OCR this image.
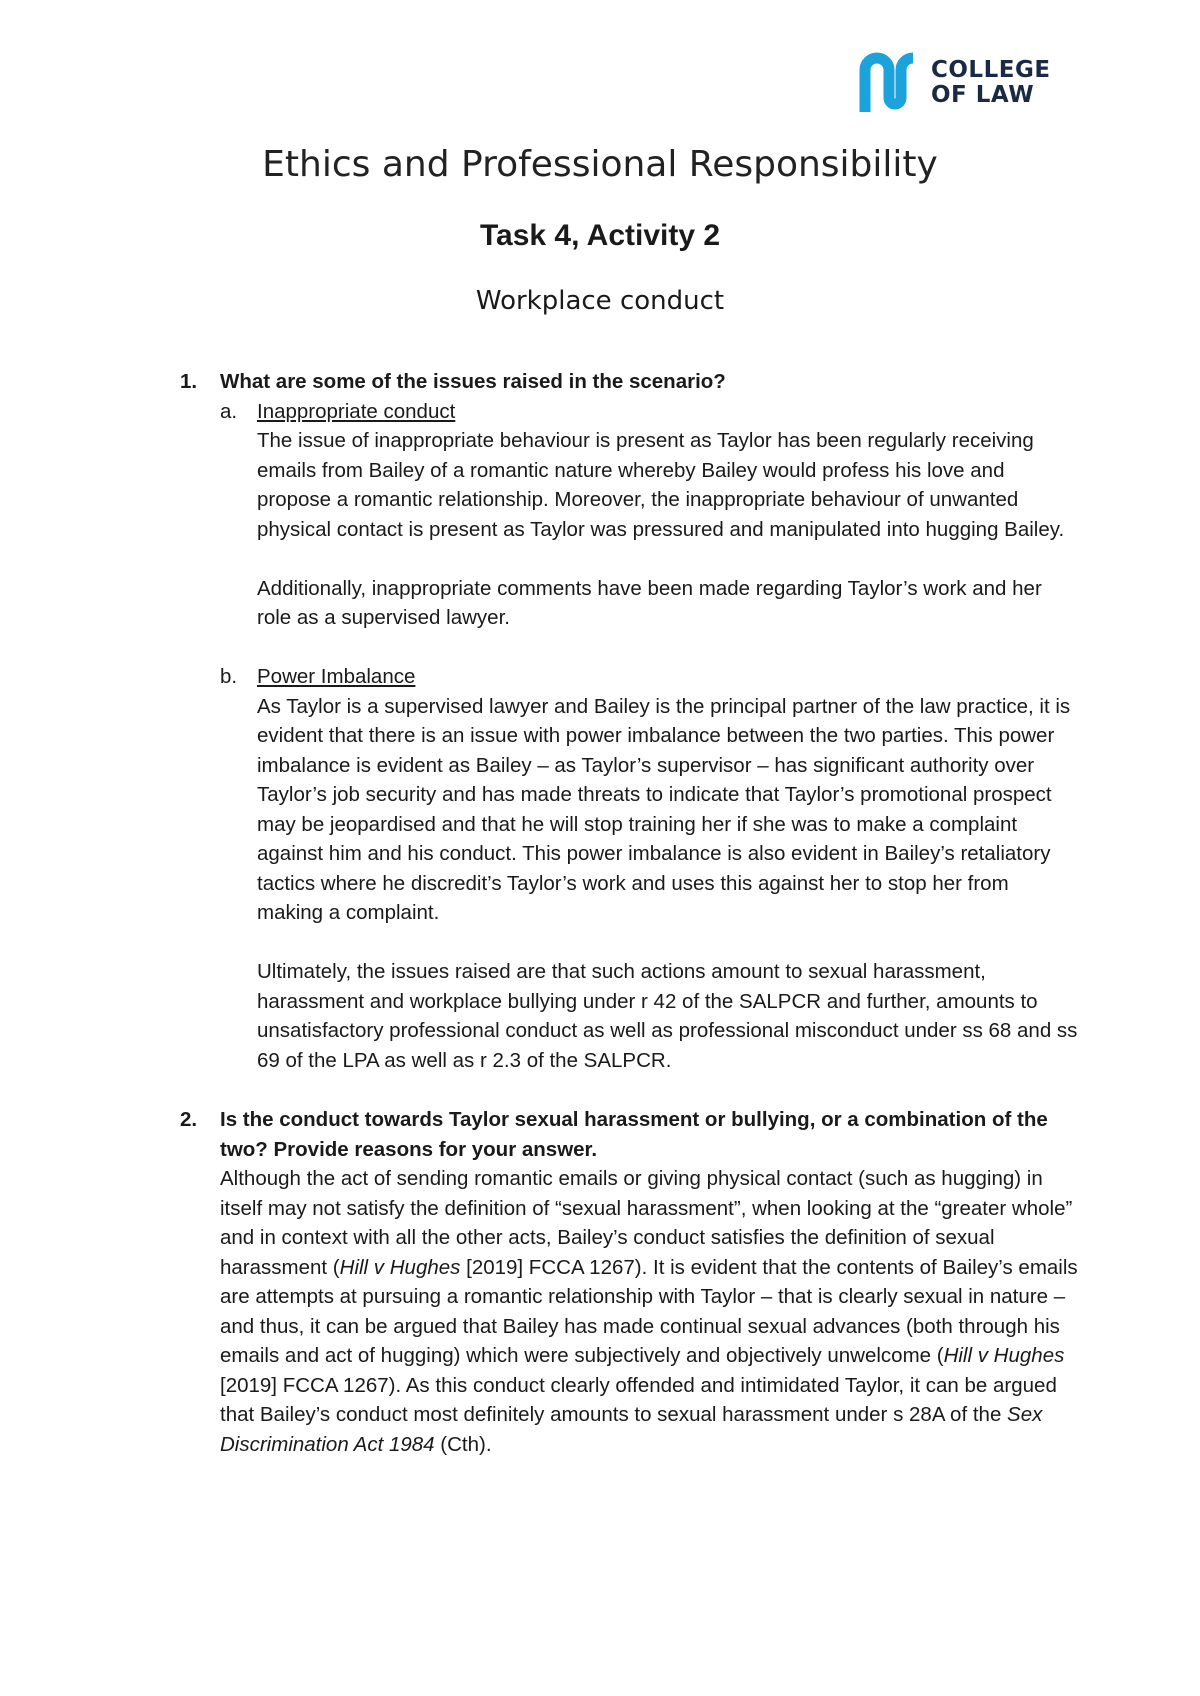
COLLEGE
OF LAW
Ethics and Professional Responsibility
Task 4, Activity 2
Workplace conduct
1. What are some of the issues raised in the scenario?

a. Inappropriate conduct

The issue of inappropriate behaviour is present as Taylor has been regularly receiving emails from Bailey of a romantic nature whereby Bailey would profess his love and propose a romantic relationship. Moreover, the inappropriate behaviour of unwanted physical contact is present as Taylor was pressured and manipulated into hugging Bailey.

Additionally, inappropriate comments have been made regarding Taylor’s work and her role as a supervised lawyer.

b. Power Imbalance

As Taylor is a supervised lawyer and Bailey is the principal partner of the law practice, it is evident that there is an issue with power imbalance between the two parties. This power imbalance is evident as Bailey – as Taylor’s supervisor – has significant authority over Taylor’s job security and has made threats to indicate that Taylor’s promotional prospect may be jeopardised and that he will stop training her if she was to make a complaint against him and his conduct. This power imbalance is also evident in Bailey’s retaliatory tactics where he discredit’s Taylor’s work and uses this against her to stop her from making a complaint.

Ultimately, the issues raised are that such actions amount to sexual harassment, harassment and workplace bullying under r 42 of the SALPCR and further, amounts to unsatisfactory professional conduct as well as professional misconduct under ss 68 and ss 69 of the LPA as well as r 2.3 of the SALPCR.

2. Is the conduct towards Taylor sexual harassment or bullying, or a combination of the two? Provide reasons for your answer.

Although the act of sending romantic emails or giving physical contact (such as hugging) in itself may not satisfy the definition of “sexual harassment”, when looking at the “greater whole” and in context with all the other acts, Bailey’s conduct satisfies the definition of sexual harassment (Hill v Hughes [2019] FCCA 1267). It is evident that the contents of Bailey’s emails are attempts at pursuing a romantic relationship with Taylor – that is clearly sexual in nature – and thus, it can be argued that Bailey has made continual sexual advances (both through his emails and act of hugging) which were subjectively and objectively unwelcome (Hill v Hughes [2019] FCCA 1267). As this conduct clearly offended and intimidated Taylor, it can be argued that Bailey’s conduct most definitely amounts to sexual harassment under s 28A of the Sex Discrimination Act 1984 (Cth).
